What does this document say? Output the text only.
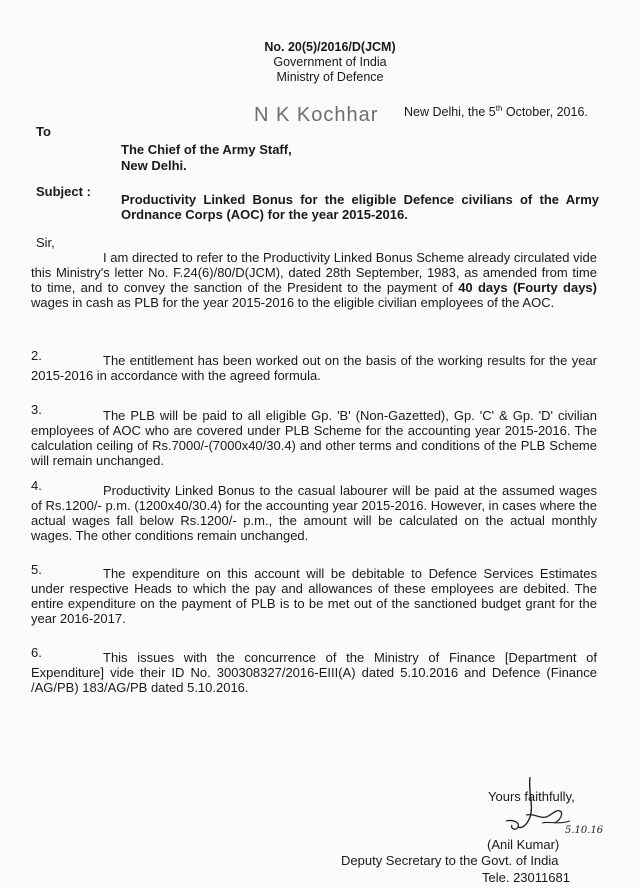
No. 20(5)/2016/D(JCM)
Government of India
Ministry of Defence
N K Kochhar New Delhi, the 5th October, 2016.
To
The Chief of the Army Staff,
New Delhi.
Subject :
Productivity Linked Bonus for the eligible Defence civilians of the Army Ordnance Corps (AOC) for the year 2015-2016.
Sir,
I am directed to refer to the Productivity Linked Bonus Scheme already circulated vide this Ministry's letter No. F.24(6)/80/D(JCM), dated 28th September, 1983, as amended from time to time, and to convey the sanction of the President to the payment of 40 days (Fourty days) wages in cash as PLB for the year 2015-2016 to the eligible civilian employees of the AOC.
2.	The entitlement has been worked out on the basis of the working results for the year 2015-2016 in accordance with the agreed formula.
3.	The PLB will be paid to all eligible Gp. 'B' (Non-Gazetted), Gp. 'C' & Gp. 'D' civilian employees of AOC who are covered under PLB Scheme for the accounting year 2015-2016. The calculation ceiling of Rs.7000/-(7000x40/30.4) and other terms and conditions of the PLB Scheme will remain unchanged.
4.	Productivity Linked Bonus to the casual labourer will be paid at the assumed wages of Rs.1200/- p.m. (1200x40/30.4) for the accounting year 2015-2016. However, in cases where the actual wages fall below Rs.1200/- p.m., the amount will be calculated on the actual monthly wages. The other conditions remain unchanged.
5.	The expenditure on this account will be debitable to Defence Services Estimates under respective Heads to which the pay and allowances of these employees are debited. The entire expenditure on the payment of PLB is to be met out of the sanctioned budget grant for the year 2016-2017.
6.	This issues with the concurrence of the Ministry of Finance [Department of Expenditure] vide their ID No. 300308327/2016-EIII(A) dated 5.10.2016 and Defence (Finance /AG/PB) 183/AG/PB dated 5.10.2016.
Yours faithfully,
5.10.16
(Anil Kumar)
Deputy Secretary to the Govt. of India
Tele. 23011681
